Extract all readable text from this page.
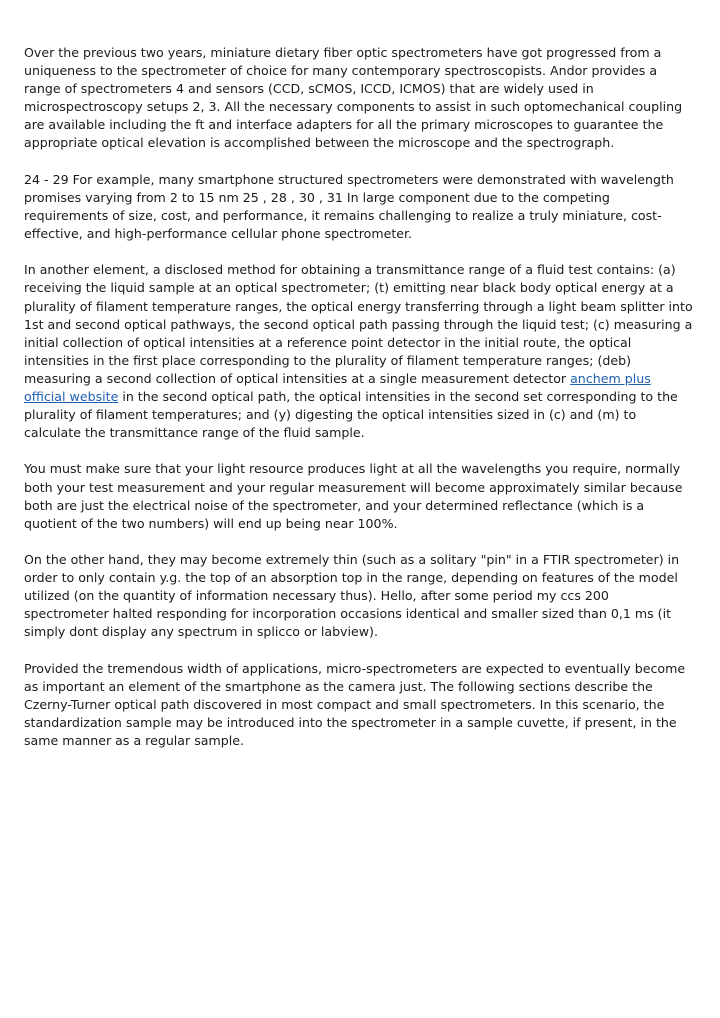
Over the previous two years, miniature dietary fiber optic spectrometers have got progressed from a uniqueness to the spectrometer of choice for many contemporary spectroscopists. Andor provides a range of spectrometers 4 and sensors (CCD, sCMOS, ICCD, ICMOS) that are widely used in microspectroscopy setups 2, 3. All the necessary components to assist in such optomechanical coupling are available including the ft and interface adapters for all the primary microscopes to guarantee the appropriate optical elevation is accomplished between the microscope and the spectrograph.

24 - 29 For example, many smartphone structured spectrometers were demonstrated with wavelength promises varying from 2 to 15 nm 25 , 28 , 30 , 31 In large component due to the competing requirements of size, cost, and performance, it remains challenging to realize a truly miniature, cost-effective, and high-performance cellular phone spectrometer.

In another element, a disclosed method for obtaining a transmittance range of a fluid test contains: (a) receiving the liquid sample at an optical spectrometer; (t) emitting near black body optical energy at a plurality of filament temperature ranges, the optical energy transferring through a light beam splitter into 1st and second optical pathways, the second optical path passing through the liquid test; (c) measuring a initial collection of optical intensities at a reference point detector in the initial route, the optical intensities in the first place corresponding to the plurality of filament temperature ranges; (deb) measuring a second collection of optical intensities at a single measurement detector anchem plus official website in the second optical path, the optical intensities in the second set corresponding to the plurality of filament temperatures; and (y) digesting the optical intensities sized in (c) and (m) to calculate the transmittance range of the fluid sample.

You must make sure that your light resource produces light at all the wavelengths you require, normally both your test measurement and your regular measurement will become approximately similar because both are just the electrical noise of the spectrometer, and your determined reflectance (which is a quotient of the two numbers) will end up being near 100%.

On the other hand, they may become extremely thin (such as a solitary "pin" in a FTIR spectrometer) in order to only contain y.g. the top of an absorption top in the range, depending on features of the model utilized (on the quantity of information necessary thus). Hello, after some period my ccs 200 spectrometer halted responding for incorporation occasions identical and smaller sized than 0,1 ms (it simply dont display any spectrum in splicco or labview).

Provided the tremendous width of applications, micro-spectrometers are expected to eventually become as important an element of the smartphone as the camera just. The following sections describe the Czerny-Turner optical path discovered in most compact and small spectrometers. In this scenario, the standardization sample may be introduced into the spectrometer in a sample cuvette, if present, in the same manner as a regular sample.
